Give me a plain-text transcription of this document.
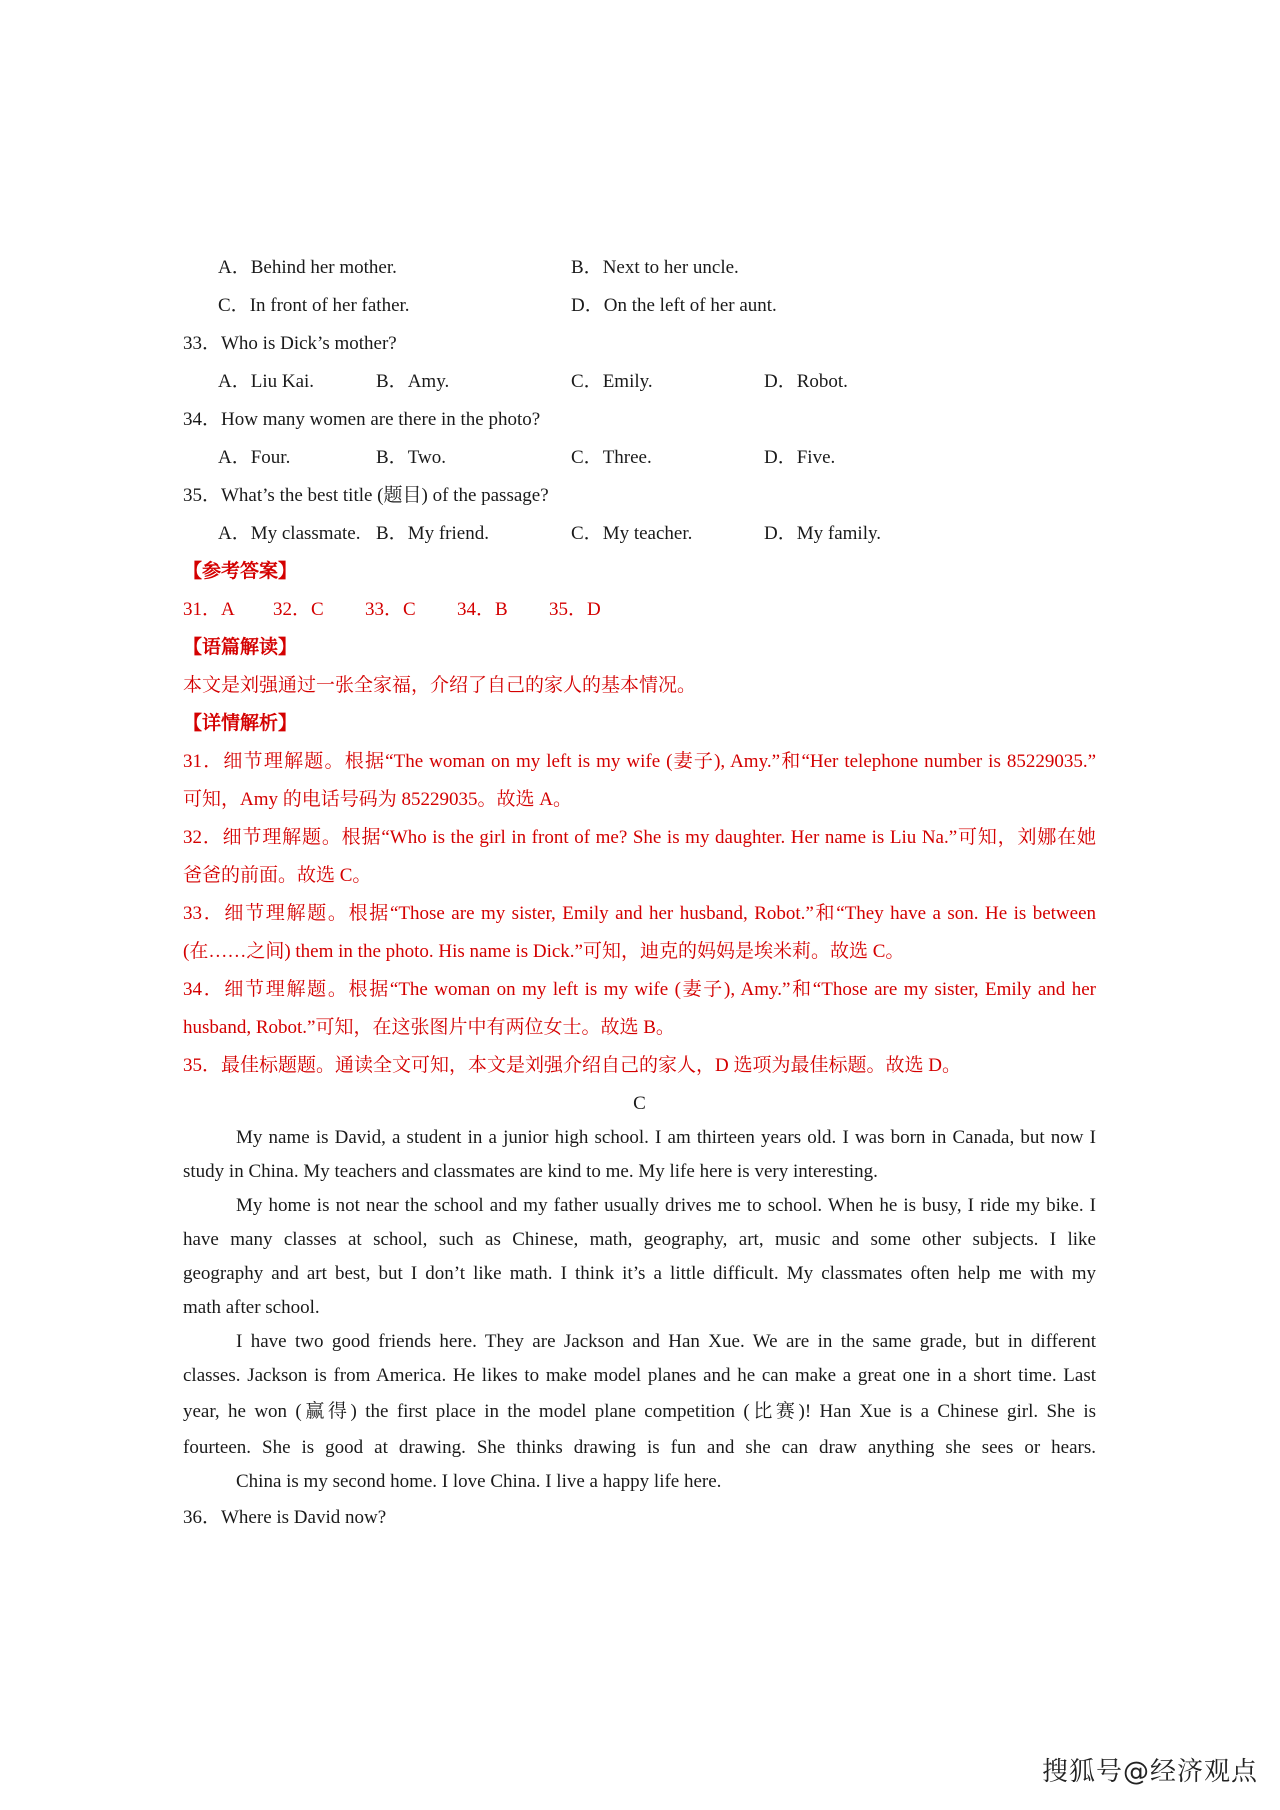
A．Behind her mother.	B．Next to her uncle.
C．In front of her father.	D．On the left of her aunt.
33．Who is Dick’s mother?
A．Liu Kai.	B．Amy.	C．Emily.	D．Robot.
34．How many women are there in the photo?
A．Four.	B．Two.	C．Three.	D．Five.
35．What’s the best title (题目) of the passage?
A．My classmate. B．My friend.	C．My teacher.	D．My family.
【参考答案】
31．A 32．C 33．C 34．B 35．D
【语篇解读】
本文是刘强通过一张全家福，介绍了自己的家人的基本情况。
【详情解析】
31．细节理解题。根据“The woman on my left is my wife (妻子), Amy.”和“Her telephone number is 85229035.”
可知，Amy 的电话号码为 85229035。故选 A。
32．细节理解题。根据“Who is the girl in front of me? She is my daughter. Her name is Liu Na.”可知，刘娜在她
爸爸的前面。故选 C。
33．细节理解题。根据“Those are my sister, Emily and her husband, Robot.”和“They have a son. He is between
(在……之间) them in the photo. His name is Dick.”可知，迪克的妈妈是埃米莉。故选 C。
34．细节理解题。根据“The woman on my left is my wife (妻子), Amy.”和“Those are my sister, Emily and her
husband, Robot.”可知，在这张图片中有两位女士。故选 B。
35．最佳标题题。通读全文可知，本文是刘强介绍自己的家人，D 选项为最佳标题。故选 D。
C
My name is David, a student in a junior high school. I am thirteen years old. I was born in Canada, but now I
study in China. My teachers and classmates are kind to me. My life here is very interesting.
My home is not near the school and my father usually drives me to school. When he is busy, I ride my bike. I
have many classes at school, such as Chinese, math, geography, art, music and some other subjects. I like
geography and art best, but I don’t like math. I think it’s a little difficult. My classmates often help me with my
math after school.
I have two good friends here. They are Jackson and Han Xue. We are in the same grade, but in different
classes. Jackson is from America. He likes to make model planes and he can make a great one in a short time. Last
year, he won (赢得) the first place in the model plane competition (比赛)! Han Xue is a Chinese girl. She is
fourteen. She is good at drawing. She thinks drawing is fun and she can draw anything she sees or hears.
China is my second home. I love China. I live a happy life here.
36．Where is David now?
搜狐号@经济观点
